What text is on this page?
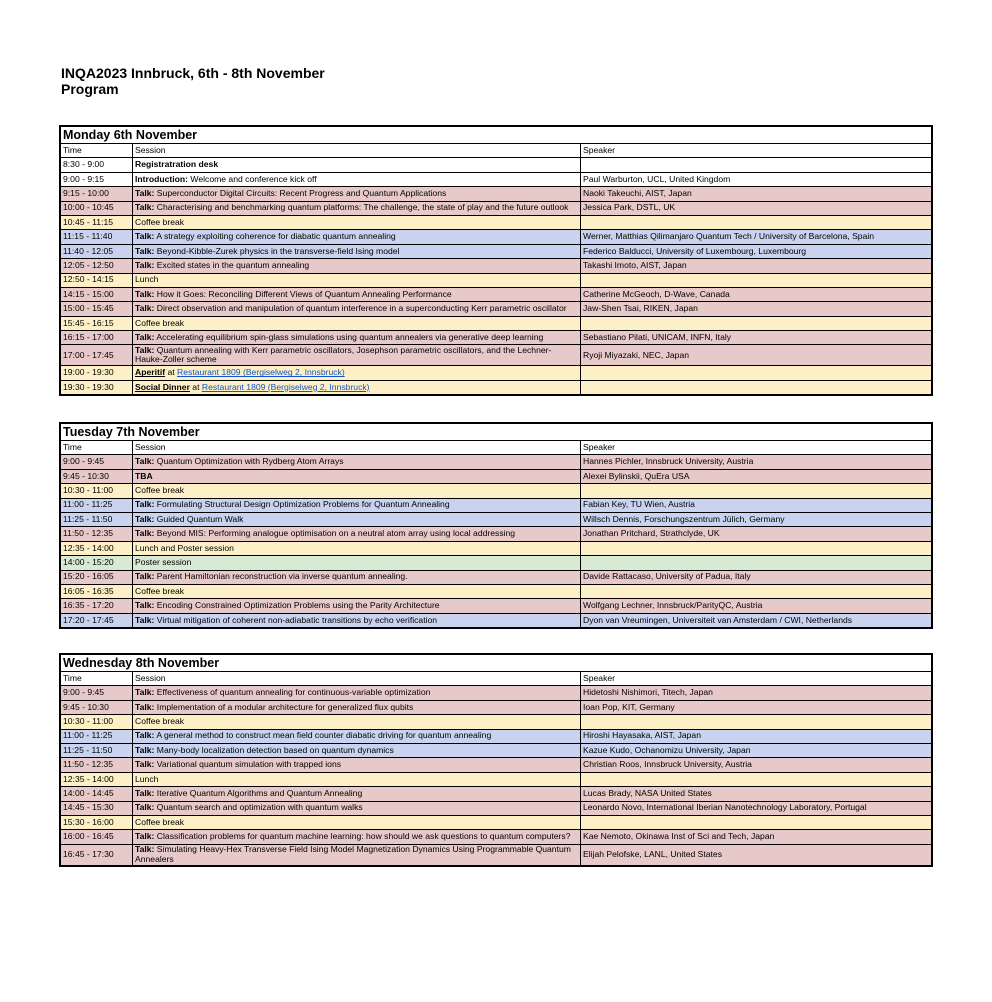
INQA2023 Innbruck, 6th - 8th November
Program
Monday 6th November
Time	Session	Speaker
8:30 - 9:00	Registratration desk	
9:00 - 9:15	Introduction: Welcome and conference kick off	Paul Warburton, UCL, United Kingdom
9:15 - 10:00	Talk: Superconductor Digital Circuits: Recent Progress and Quantum Applications	Naoki Takeuchi, AIST, Japan
10:00 - 10:45	Talk: Characterising and benchmarking quantum platforms: The challenge, the state of play and the future outlook	Jessica Park, DSTL, UK
10:45 - 11:15	Coffee break	
11:15 - 11:40	Talk: A strategy exploiting coherence for diabatic quantum annealing	Werner, Matthias Qilimanjaro Quantum Tech / University of Barcelona, Spain
11:40 - 12:05	Talk: Beyond-Kibble-Zurek physics in the transverse-field Ising model	Federico Balducci, University of Luxembourg, Luxembourg
12:05 - 12:50	Talk: Excited states in the quantum annealing	Takashi Imoto, AIST, Japan
12:50 - 14:15	Lunch	
14:15 - 15:00	Talk: How it Goes: Reconciling Different Views of Quantum Annealing Performance	Catherine McGeoch, D-Wave, Canada
15:00 - 15:45	Talk: Direct observation and manipulation of quantum interference in a superconducting Kerr parametric oscillator	Jaw-Shen Tsai, RIKEN, Japan
15:45 - 16:15	Coffee break	
16:15 - 17:00	Talk: Accelerating equilibrium spin-glass simulations using quantum annealers via generative deep learning	Sebastiano Pilati, UNICAM, INFN, Italy
17:00 - 17:45	Talk: Quantum annealing with Kerr parametric oscillators, Josephson parametric oscillators, and the Lechner-Hauke-Zoller scheme	Ryoji Miyazaki, NEC, Japan
19:00 - 19:30	Aperitif at Restaurant 1809 (Bergiselweg 2, Innsbruck)	
19:30 - 19:30	Social Dinner at Restaurant 1809 (Bergiselweg 2, Innsbruck)	
Tuesday 7th November
Time	Session	Speaker
9:00 - 9:45	Talk: Quantum Optimization with Rydberg Atom Arrays	Hannes Pichler, Innsbruck University, Austria
9:45 - 10:30	TBA	Alexei Bylinskii, QuEra USA
10:30 - 11:00	Coffee break	
11:00 - 11:25	Talk: Formulating Structural Design Optimization Problems for Quantum Annealing	Fabian Key, TU Wien, Austria
11:25 - 11:50	Talk: Guided Quantum Walk	Willsch Dennis, Forschungszentrum Jülich, Germany
11:50 - 12:35	Talk: Beyond MIS: Performing analogue optimisation on a neutral atom array using local addressing	Jonathan Pritchard, Strathclyde, UK
12:35 - 14:00	Lunch and Poster session	
14:00 - 15:20	Poster session	
15:20 - 16:05	Talk: Parent Hamiltonian reconstruction via inverse quantum annealing.	Davide Rattacaso, University of Padua, Italy
16:05 - 16:35	Coffee break	
16:35 - 17:20	Talk: Encoding Constrained Optimization Problems using the Parity Architecture	Wolfgang Lechner, Innsbruck/ParityQC, Austria
17:20 - 17:45	Talk: Virtual mitigation of coherent non-adiabatic transitions by echo verification	Dyon van Vreumingen, Universiteit van Amsterdam / CWI, Netherlands
Wednesday 8th November
Time	Session	Speaker
9:00 - 9:45	Talk: Effectiveness of quantum annealing for continuous-variable optimization	Hidetoshi Nishimori, Titech, Japan
9:45 - 10:30	Talk: Implementation of a modular architecture for generalized flux qubits	Ioan Pop, KIT, Germany
10:30 - 11:00	Coffee break	
11:00 - 11:25	Talk: A general method to construct mean field counter diabatic driving for quantum annealing	Hiroshi Hayasaka, AIST, Japan
11:25 - 11:50	Talk: Many-body localization detection based on quantum dynamics	Kazue Kudo, Ochanomizu University, Japan
11:50 - 12:35	Talk: Variational quantum simulation with trapped ions	Christian Roos, Innsbruck University, Austria
12:35 - 14:00	Lunch	
14:00 - 14:45	Talk: Iterative Quantum Algorithms and Quantum Annealing	Lucas Brady, NASA United States
14:45 - 15:30	Talk: Quantum search and optimization with quantum walks	Leonardo Novo, International Iberian Nanotechnology Laboratory, Portugal
15:30 - 16:00	Coffee break	
16:00 - 16:45	Talk: Classification problems for quantum machine learning: how should we ask questions to quantum computers?	Kae Nemoto, Okinawa Inst of Sci and Tech, Japan
16:45 - 17:30	Talk: Simulating Heavy-Hex Transverse Field Ising Model Magnetization Dynamics Using Programmable Quantum Annealers	Elijah Pelofske, LANL, United States
